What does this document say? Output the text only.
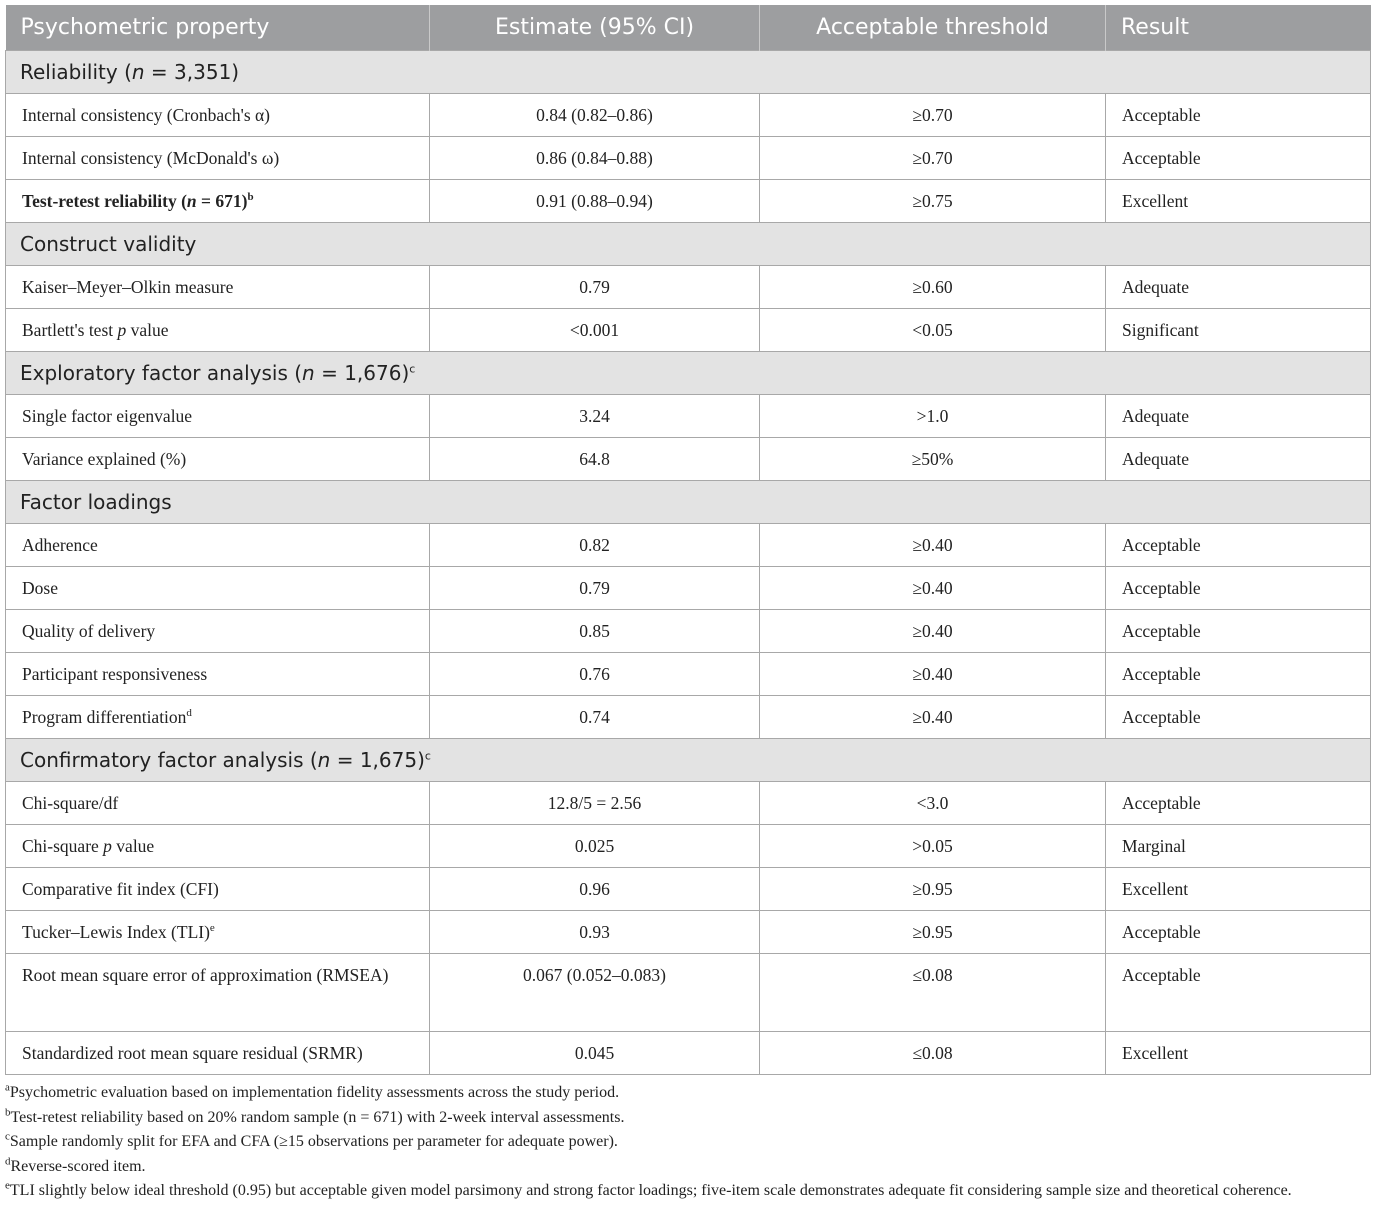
Psychometric property	Estimate (95% CI)	Acceptable threshold	Result
Reliability (n = 3,351)			
Internal consistency (Cronbach's α)	0.84 (0.82–0.86)	≥0.70	Acceptable
Internal consistency (McDonald's ω)	0.86 (0.84–0.88)	≥0.70	Acceptable
Test-retest reliability (n = 671)$^b$	0.91 (0.88–0.94)	≥0.75	Excellent
Construct validity			
Kaiser–Meyer–Olkin measure	0.79	≥0.60	Adequate
Bartlett's test p value	<0.001	<0.05	Significant
Exploratory factor analysis (n = 1,676)$^c$
Single factor eigenvalue	3.24	>1.0	Adequate
Variance explained (%)	64.8	≥50%	Adequate
Factor loadings			
Adherence	0.82	≥0.40	Acceptable
Dose	0.79	≥0.40	Acceptable
Quality of delivery	0.85	≥0.40	Acceptable
Participant responsiveness	0.76	≥0.40	Acceptable
Program differentiation$^d$	0.74	≥0.40	Acceptable
Confirmatory factor analysis (n = 1,675)$^c$
Chi-square/df	12.8/5 = 2.56	<3.0	Acceptable
Chi-square p value	0.025	>0.05	Marginal
Comparative fit index (CFI)	0.96	≥0.95	Excellent
Tucker–Lewis Index (TLI)$^e$	0.93	≥0.95	Acceptable
Root mean square error of approximation (RMSEA)	0.067 (0.052–0.083)	≤0.08	Acceptable
Standardized root mean square residual (SRMR)	0.045	≤0.08	Excellent
$^a$Psychometric evaluation based on implementation fidelity assessments across the study period.
$^b$Test-retest reliability based on 20% random sample (n = 671) with 2-week interval assessments.
$^c$Sample randomly split for EFA and CFA (≥15 observations per parameter for adequate power).
$^d$Reverse-scored item.
$^e$TLI slightly below ideal threshold (0.95) but acceptable given model parsimony and strong factor loadings; five-item scale demonstrates adequate fit considering sample size and theoretical coherence.
